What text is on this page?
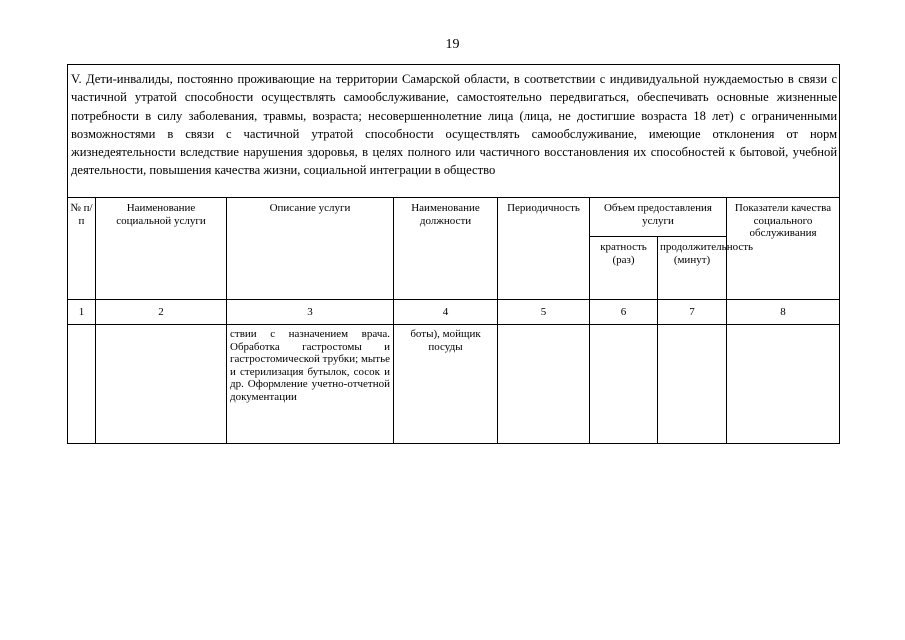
19
V. Дети-инвалиды, постоянно проживающие на территории Самарской области, в соответствии с индивидуальной нуждаемостью в связи с частичной утратой способности осуществлять самообслуживание, самостоятельно передвигаться, обеспечивать основные жизненные потребности в силу заболевания, травмы, возраста; несовершеннолетние лица (лица, не достигшие возраста 18 лет) с ограниченными возможностями в связи с частичной утратой способности осуществлять самообслуживание, имеющие отклонения от норм жизнедеятельности вследствие нарушения здоровья, в целях полного или частичного восстановления их способностей к бытовой, учебной деятельности, повышения качества жизни, социальной интеграции в общество							

№ п/п	Наименование социальной услуги	Описание услуги	Наименование должности	Периодичность	Объем предоставления услуги		Показатели качества социального обслуживания

					кратность (раз)	продолжительность (минут)	

1	2	3	4	5	6	7	8

		ствии с назначением врача. Обработка гастростомы и гастростомической трубки; мытье и стерилизация бутылок, сосок и др. Оформление учетно-отчетной документации	боты), мойщик посуды				
